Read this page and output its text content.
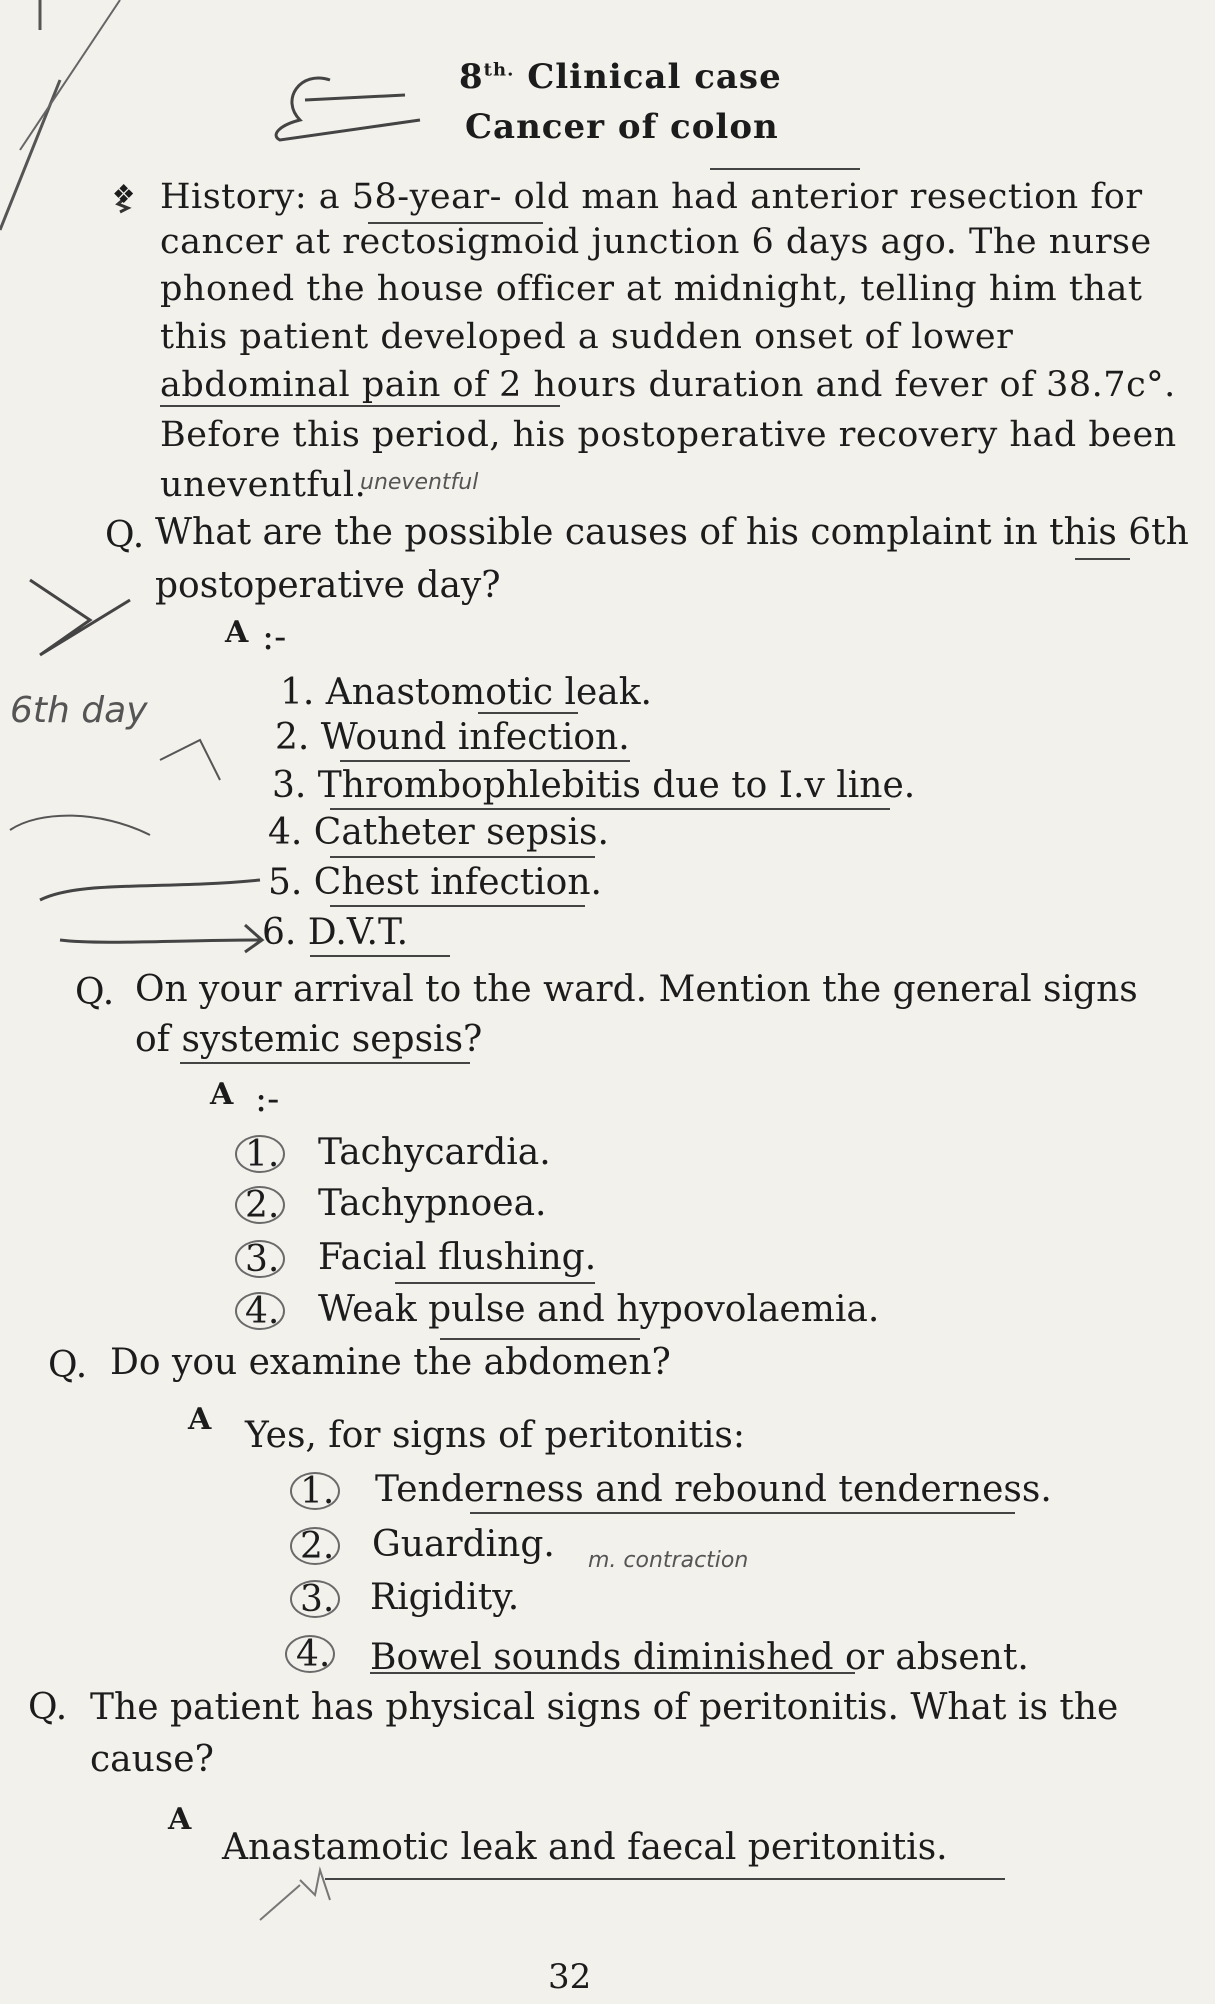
$8^{th.}$ Clinical case
Cancer of colon
❖ History: a 58-year- old man had anterior resection for
cancer at rectosigmoid junction 6 days ago. The nurse
phoned the house officer at midnight, telling him that
this patient developed a sudden onset of lower
abdominal pain of 2 hours duration and fever of 38.7c°.
Before this period, his postoperative recovery had been
uneventful.
uneventful
Q. What are the possible causes of his complaint in this 6th
postoperative day?
A :-
6th day	1. Anastomotic leak.
2. Wound infection.
3. Thrombophlebitis due to I.v line.
4. Catheter sepsis.
5. Chest infection.
6. D.V.T.
Q. On your arrival to the ward. Mention the general signs
of systemic sepsis?
A :-
1. Tachycardia.
2. Tachypnoea.
3. Facial flushing.
4. Weak pulse and hypovolaemia.
Q. Do you examine the abdomen?
A Yes, for signs of peritonitis:
1. Tenderness and rebound tenderness.
2. Guarding. m. contraction
3. Rigidity.
4. Bowel sounds diminished or absent.
Q. The patient has physical signs of peritonitis. What is the
cause?
A
Anastamotic leak and faecal peritonitis.
32
